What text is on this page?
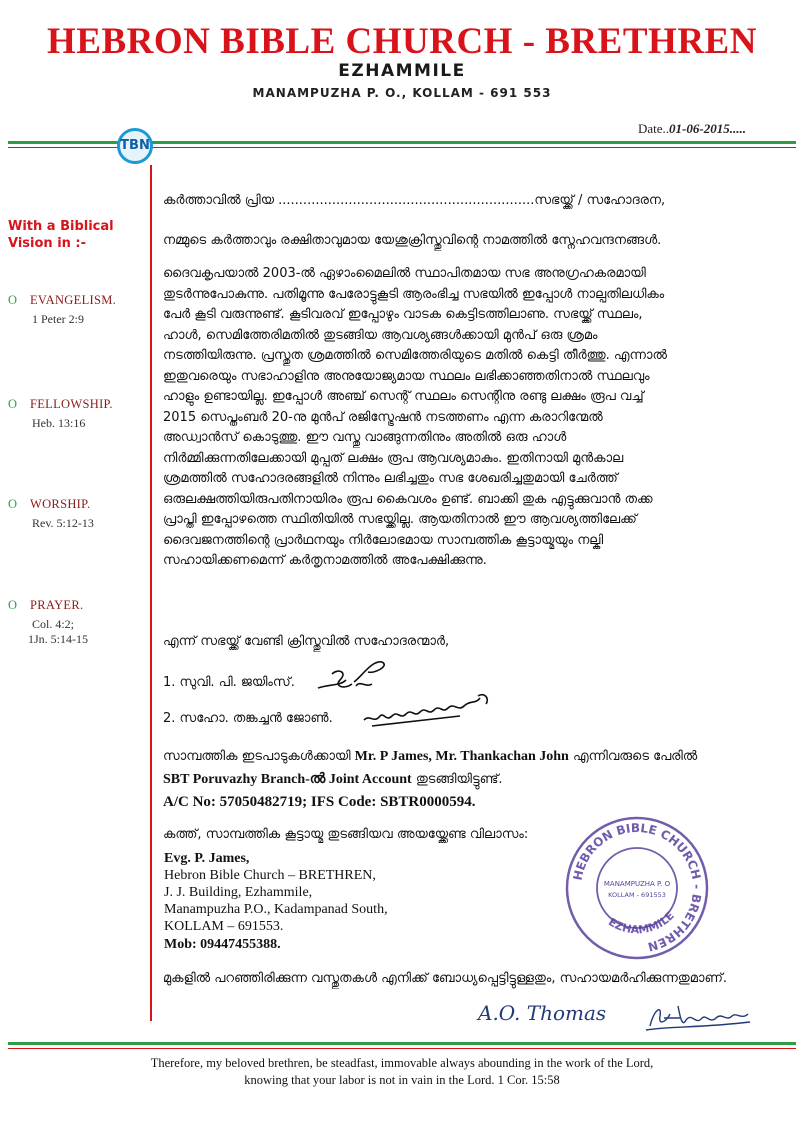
HEBRON BIBLE CHURCH - BRETHREN
EZHAMMILE
MANAMPUZHA P. O., KOLLAM - 691 553
Date..01-06-2015.....
TBN
With a Biblical
Vision in :-
O EVANGELISM.
1 Peter 2:9
O FELLOWSHIP.
Heb. 13:16
O WORSHIP.
Rev. 5:12-13
O PRAYER.
Col. 4:2;
1Jn. 5:14-15
കർത്താവിൽ പ്രിയ ..............................................................സഭയ്ക്ക് / സഹോദരന,
നമ്മുടെ കർത്താവും രക്ഷിതാവുമായ യേശുക്രിസ്തുവിന്റെ നാമത്തിൽ സ്നേഹവന്ദനങ്ങൾ.
ദൈവകൃപയാൽ 2003-ൽ ഏഴാംമൈലിൽ സ്ഥാപിതമായ സഭ അനുഗ്രഹകരമായി
തുടർന്നുപോകുന്നു. പതിമൂന്നു പേരോട്ടുകൂടി ആരംഭിച്ച സഭയിൽ ഇപ്പോൾ നാല്പതിലധികം
പേർ കൂടി വരുന്നുണ്ട്. കൂടിവരവ് ഇപ്പോഴും വാടക കെട്ടിടത്തിലാണു. സഭയ്ക്ക് സ്ഥലം,
ഹാൾ, സെമിത്തേരിമതിൽ തുടങ്ങിയ ആവശ്യങ്ങൾക്കായി മുൻപ് ഒരു ശ്രമം
നടത്തിയിരുന്നു. പ്രസ്തുത ശ്രമത്തിൽ സെമിത്തേരിയുടെ മതിൽ കെട്ടി തീർത്തു. എന്നാൽ
ഇതുവരെയും സഭാഹാളിനു അനുയോജ്യമായ സ്ഥലം ലഭിക്കാഞ്ഞതിനാൽ സ്ഥലവും
ഹാളും ഉണ്ടായില്ല. ഇപ്പോൾ അഞ്ച് സെന്റ് സ്ഥലം സെന്റിനു രണ്ടു ലക്ഷം രൂപ വച്ച്
2015 സെപ്തംബർ 20-നു മുൻപ് രജിസ്ട്രേഷൻ നടത്തണം എന്ന കരാറിന്മേൽ
അഡ്വാൻസ് കൊടുത്തു. ഈ വസ്തു വാങ്ങുന്നതിനും അതിൽ ഒരു ഹാൾ
നിർമ്മിക്കുന്നതിലേക്കായി മുപ്പത് ലക്ഷം രൂപ ആവശ്യമാകും. ഇതിനായി മുൻകാല
ശ്രമത്തിൽ സഹോദരങ്ങളിൽ നിന്നും ലഭിച്ചതും സഭ ശേഖരിച്ചതുമായി ചേർത്ത്
ഒരുലക്ഷത്തിയിരുപതിനായിരം രൂപ കൈവശം ഉണ്ട്. ബാക്കി തുക എട്ടുക്കുവാൻ തക്ക
പ്രാപ്തി ഇപ്പോഴത്തെ സ്ഥിതിയിൽ സഭയ്ക്കില്ല. ആയതിനാൽ ഈ ആവശ്യത്തിലേക്ക്
ദൈവജനത്തിന്റെ പ്രാർഥനയും നിർലോഭമായ സാമ്പത്തിക കൂട്ടായ്മയും നല്കി
സഹായിക്കണമെന്ന് കർതൃനാമത്തിൽ അപേക്ഷിക്കുന്നു.
എന്ന് സഭയ്ക്ക് വേണ്ടി ക്രിസ്തുവിൽ സഹോദരന്മാർ,
1. സുവി. പി. ജയിംസ്.
2. സഹോ. തങ്കച്ചൻ ജോൺ.
സാമ്പത്തിക ഇടപാടുകൾക്കായി Mr. P James, Mr. Thankachan John എന്നിവരുടെ പേരിൽ
SBT Poruvazhy Branch-ൽ Joint Account തുടങ്ങിയിട്ടുണ്ട്.
A/C No: 57050482719; IFS Code: SBTR0000594.
കത്ത്, സാമ്പത്തിക കൂട്ടായ്മ തുടങ്ങിയവ അയയ്ക്കേണ്ട വിലാസം:
Evg. P. James,
Hebron Bible Church – BRETHREN,
J. J. Building, Ezhammile,
Manampuzha P.O., Kadampanad South,
KOLLAM – 691553.
Mob: 09447455388.
HEBRON BIBLE CHURCH - BRETHREN
EZHAMMILE
MANAMPUZHA P. O
KOLLAM - 691553
മുകളിൽ പറഞ്ഞിരിക്കുന്ന വസ്തുതകൾ എനിക്ക് ബോധ്യപ്പെട്ടിട്ടുള്ളതും, സഹായമർഹിക്കുന്നതുമാണ്.
A.O. Thomas
Therefore, my beloved brethren, be steadfast, immovable always abounding in the work of the Lord,
knowing that your labor is not in vain in the Lord. 1 Cor. 15:58
